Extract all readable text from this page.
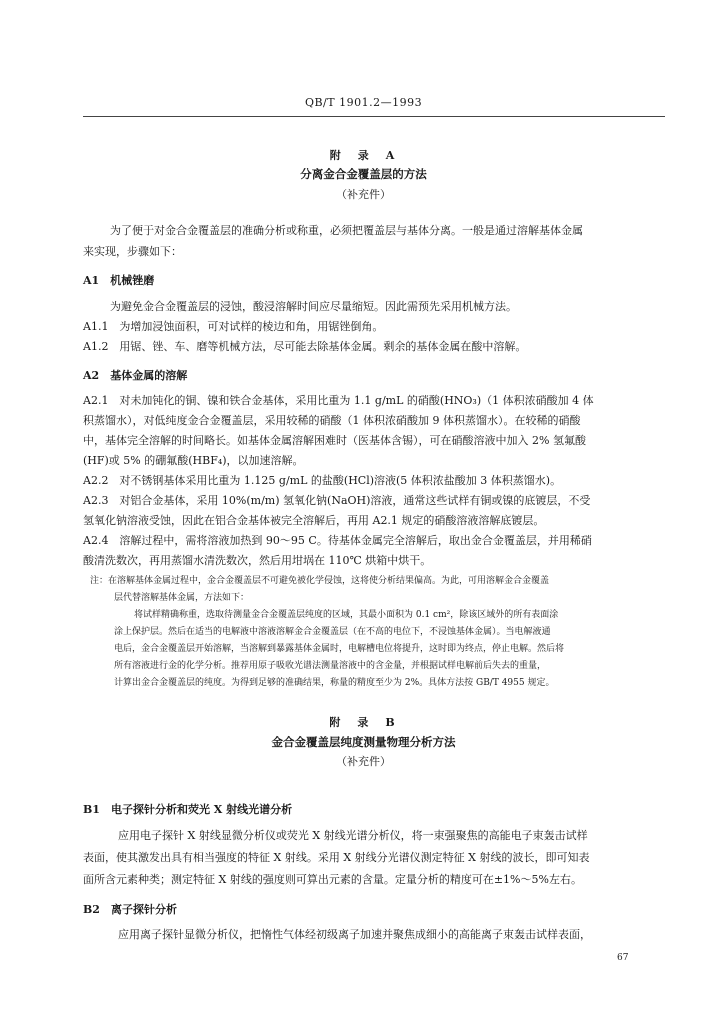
QB/T 1901.2—1993
附　录　A
分离金合金覆盖层的方法
（补充件）
为了便于对金合金覆盖层的准确分析或称重，必须把覆盖层与基体分离。一般是通过溶解基体金属
来实现，步骤如下：
A1　机械锉磨
为避免金合金覆盖层的浸蚀，酸浸溶解时间应尽量缩短。因此需预先采用机械方法。
A1.1　为增加浸蚀面积，可对试样的棱边和角，用锯锉倒角。
A1.2　用锯、锉、车、磨等机械方法，尽可能去除基体金属。剩余的基体金属在酸中溶解。
A2　基体金属的溶解
A2.1　对未加钝化的铜、镍和铁合金基体，采用比重为 1.1 g/mL 的硝酸(HNO₃)（1 体积浓硝酸加 4 体
积蒸馏水），对低纯度金合金覆盖层，采用较稀的硝酸（1 体积浓硝酸加 9 体积蒸馏水）。在较稀的硝酸
中，基体完全溶解的时间略长。如基体金属溶解困难时（医基体含锡），可在硝酸溶液中加入 2% 氢氟酸
(HF)或 5% 的硼氟酸(HBF₄)，以加速溶解。
A2.2　对不锈钢基体采用比重为 1.125 g/mL 的盐酸(HCl)溶液(5 体积浓盐酸加 3 体积蒸馏水)。
A2.3　对铝合金基体，采用 10%(m/m) 氢氧化钠(NaOH)溶液，通常这些试样有铜或镍的底镀层，不受
氢氧化钠溶液受蚀，因此在铝合金基体被完全溶解后，再用 A2.1 规定的硝酸溶液溶解底镀层。
A2.4　溶解过程中，需将溶液加热到 90～95 C。待基体金属完全溶解后，取出金合金覆盖层，并用稀硝
酸清洗数次，再用蒸馏水清洗数次，然后用坩埚在 110℃ 烘箱中烘干。
注：在溶解基体金属过程中，金合金覆盖层不可避免被化学侵蚀，这将使分析结果偏高。为此，可用溶解金合金覆盖
层代替溶解基体金属，方法如下：
将试样精确称重，选取待测量金合金覆盖层纯度的区域，其最小面积为 0.1 cm²，除该区域外的所有表面涂
涂上保护层。然后在适当的电解液中溶液溶解金合金覆盖层（在不高的电位下，不浸蚀基体金属）。当电解液通
电后，金合金覆盖层开始溶解，当溶解到暴露基体金属时，电解槽电位将提升，这时即为终点，停止电解。然后将
所有溶液进行金的化学分析。推荐用原子吸收光谱法测量溶液中的含金量，并根据试样电解前后失去的重量，
计算出金合金覆盖层的纯度。为得到足够的准确结果，称量的精度至少为 2%。具体方法按 GB/T 4955 规定。
附　录　B
金合金覆盖层纯度测量物理分析方法
（补充件）
B1　电子探针分析和荧光 X 射线光谱分析
应用电子探针 X 射线显微分析仪或荧光 X 射线光谱分析仪，将一束强聚焦的高能电子束轰击试样
表面，使其激发出具有相当强度的特征 X 射线。采用 X 射线分光谱仪测定特征 X 射线的波长，即可知表
面所含元素种类；测定特征 X 射线的强度则可算出元素的含量。定量分析的精度可在±1%～5%左右。
B2　离子探针分析
应用离子探针显微分析仪，把惰性气体经初级离子加速并聚焦成细小的高能离子束轰击试样表面，
67
